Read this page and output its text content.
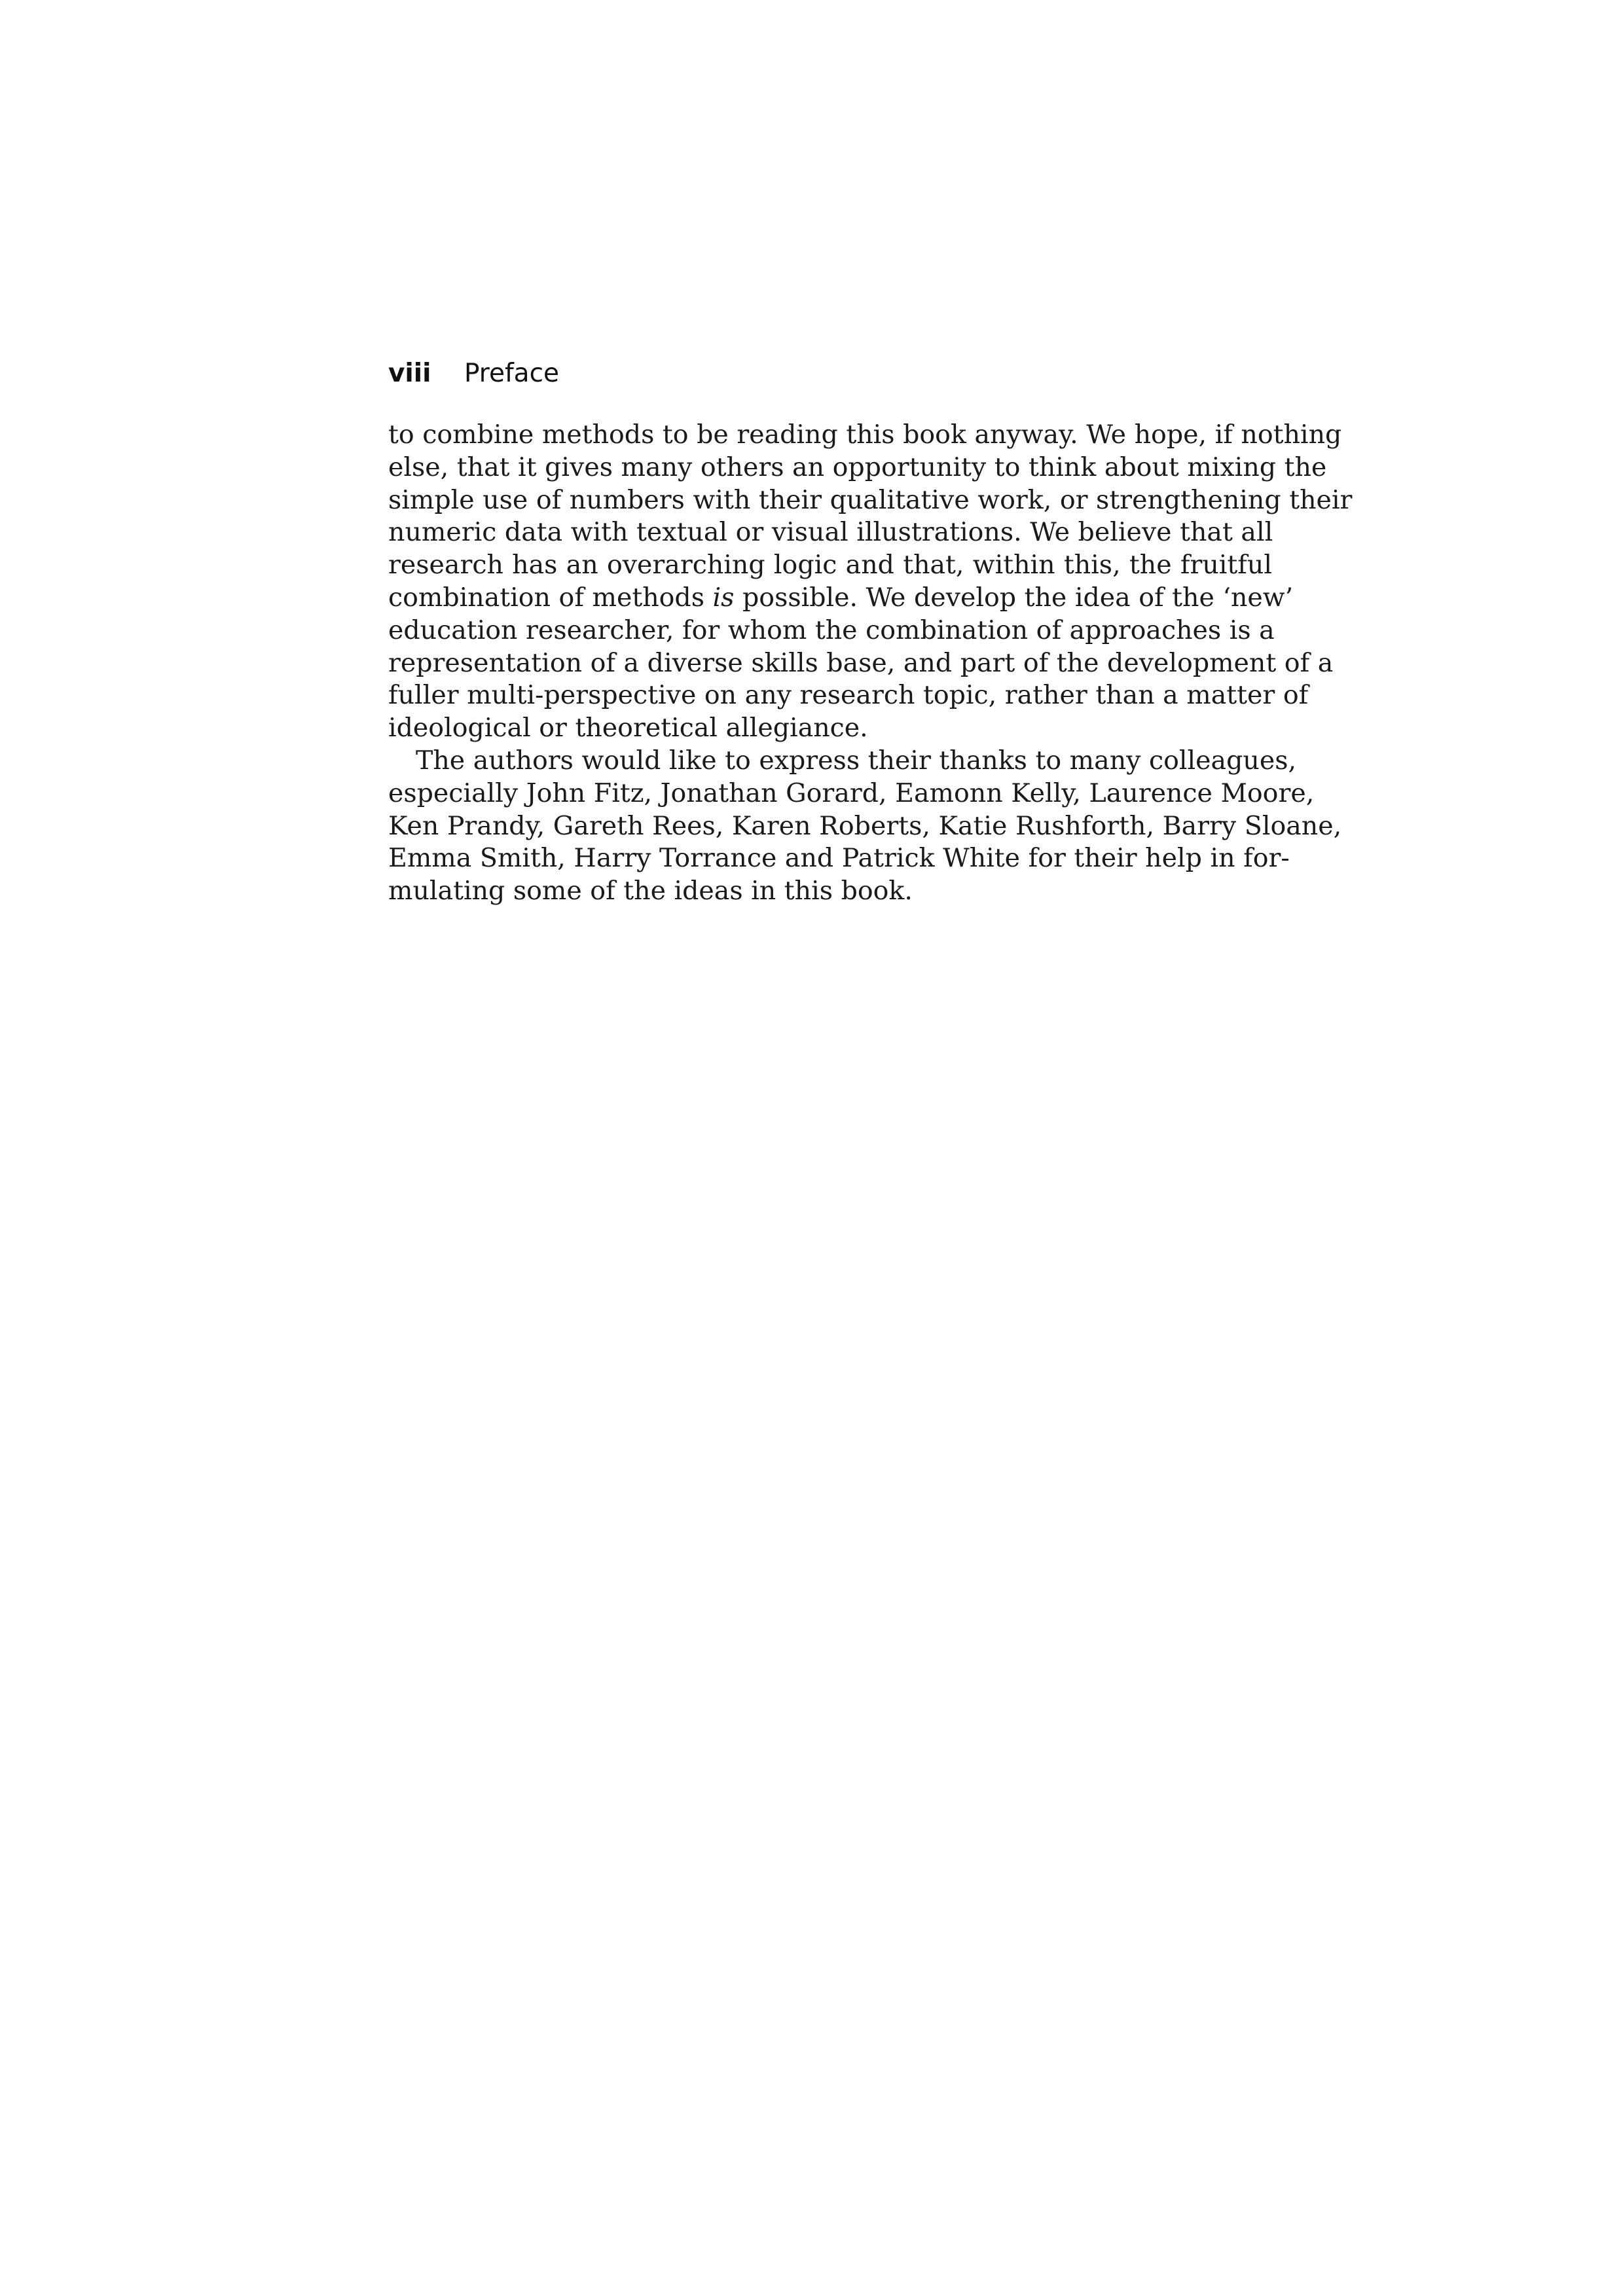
viii Preface

to combine methods to be reading this book anyway. We hope, if nothing
else, that it gives many others an opportunity to think about mixing the
simple use of numbers with their qualitative work, or strengthening their
numeric data with textual or visual illustrations. We believe that all
research has an overarching logic and that, within this, the fruitful
combination of methods is possible. We develop the idea of the ‘new’
education researcher, for whom the combination of approaches is a
representation of a diverse skills base, and part of the development of a
fuller multi-perspective on any research topic, rather than a matter of
ideological or theoretical allegiance.

The authors would like to express their thanks to many colleagues,
especially John Fitz, Jonathan Gorard, Eamonn Kelly, Laurence Moore,
Ken Prandy, Gareth Rees, Karen Roberts, Katie Rushforth, Barry Sloane,
Emma Smith, Harry Torrance and Patrick White for their help in for-
mulating some of the ideas in this book.
